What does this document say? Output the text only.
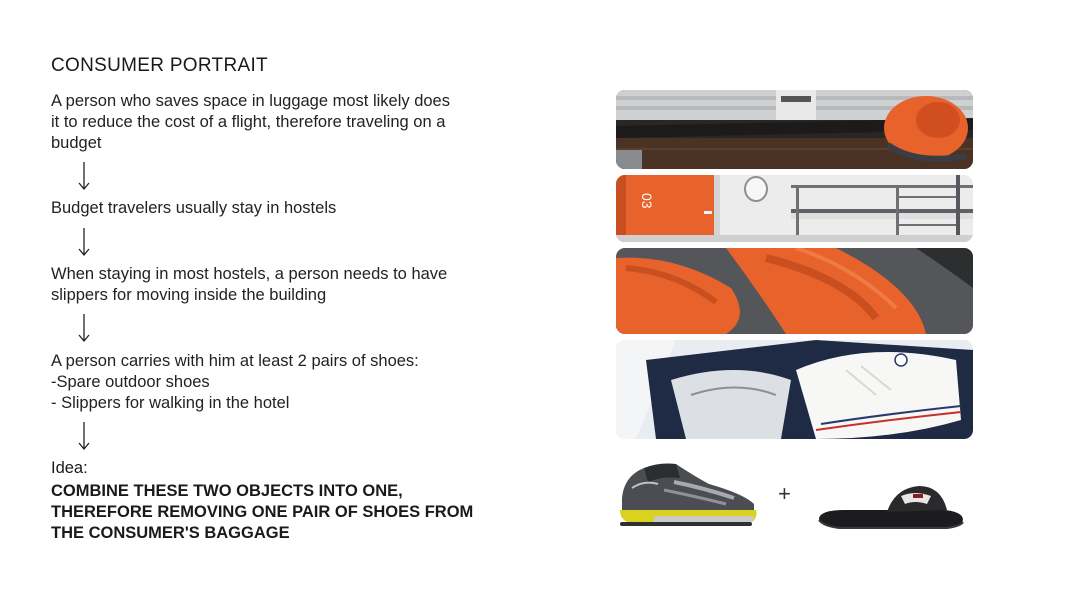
CONSUMER PORTRAIT
A person who saves space in luggage most likely does
it to reduce the cost of a flight, therefore traveling on a
budget
Budget travelers usually stay in hostels
When staying in most hostels, a person needs to have
slippers for moving inside the building
A person carries with him at least 2 pairs of shoes:
-Spare outdoor shoes
- Slippers for walking in the hotel
Idea:
COMBINE THESE TWO OBJECTS INTO ONE,
THEREFORE REMOVING ONE PAIR OF SHOES FROM
THE CONSUMER'S BAGGAGE
03
+
